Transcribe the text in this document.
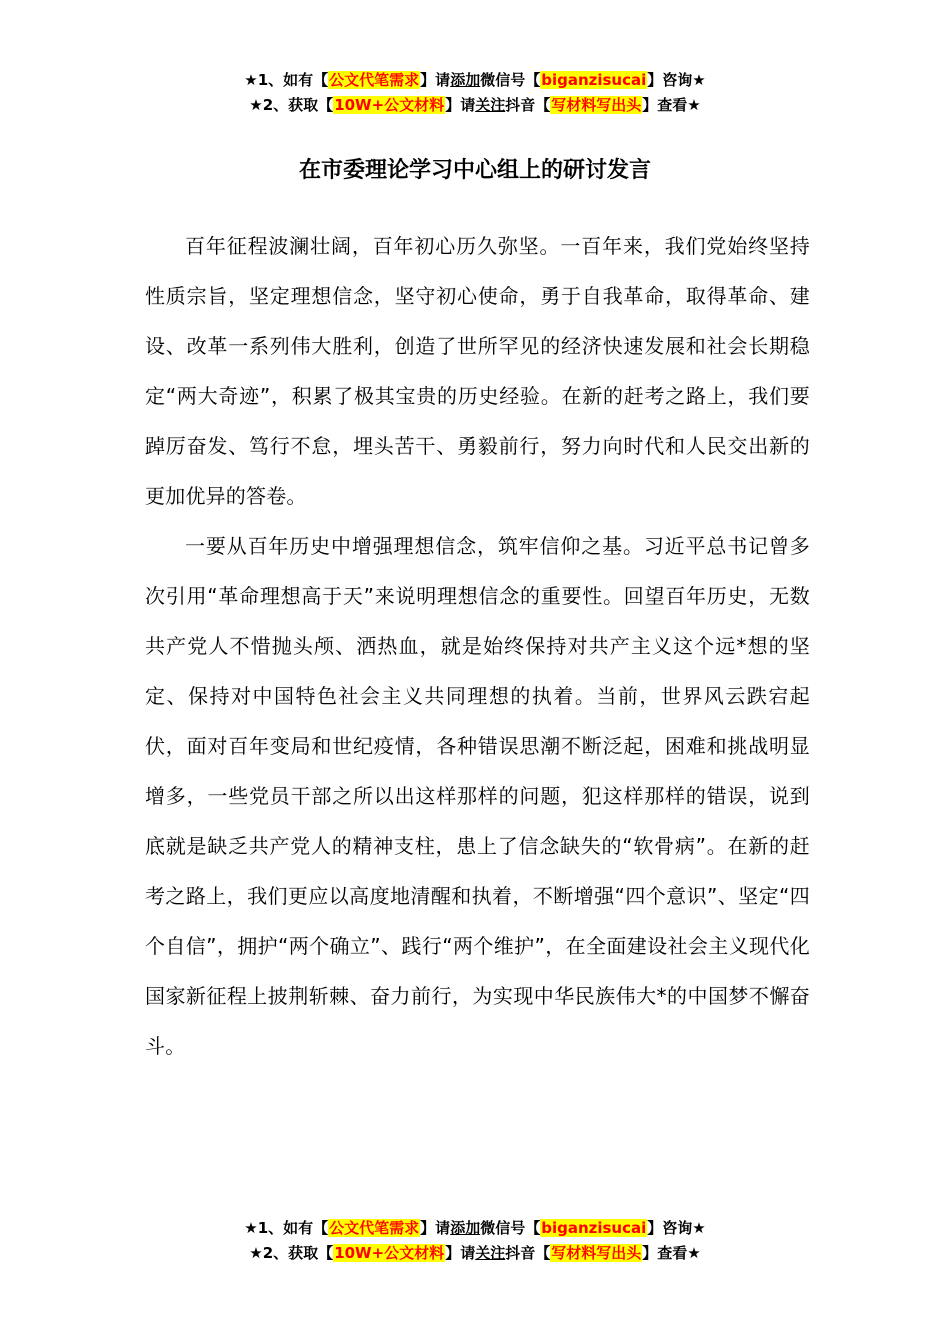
★1、如有【公文代笔需求】请添加微信号【biganzisucai】咨询★
★2、获取【10W+公文材料】请关注抖音【写材料写出头】查看★
在市委理论学习中心组上的研讨发言

百年征程波澜壮阔，百年初心历久弥坚。一百年来，我们党始终坚持性质宗旨，坚定理想信念，坚守初心使命，勇于自我革命，取得革命、建设、改革一系列伟大胜利，创造了世所罕见的经济快速发展和社会长期稳定“两大奇迹”，积累了极其宝贵的历史经验。在新的赶考之路上，我们要踔厉奋发、笃行不怠，埋头苦干、勇毅前行，努力向时代和人民交出新的更加优异的答卷。

一要从百年历史中增强理想信念，筑牢信仰之基。习近平总书记曾多次引用“革命理想高于天”来说明理想信念的重要性。回望百年历史，无数共产党人不惜抛头颅、洒热血，就是始终保持对共产主义这个远*想的坚定、保持对中国特色社会主义共同理想的执着。当前，世界风云跌宕起伏，面对百年变局和世纪疫情，各种错误思潮不断泛起，困难和挑战明显增多，一些党员干部之所以出这样那样的问题，犯这样那样的错误，说到底就是缺乏共产党人的精神支柱，患上了信念缺失的“软骨病”。在新的赶考之路上，我们更应以高度地清醒和执着，不断增强“四个意识”、坚定“四个自信”，拥护“两个确立”、践行“两个维护”，在全面建设社会主义现代化国家新征程上披荆斩棘、奋力前行，为实现中华民族伟大*的中国梦不懈奋斗。

★1、如有【公文代笔需求】请添加微信号【biganzisucai】咨询★
★2、获取【10W+公文材料】请关注抖音【写材料写出头】查看★
